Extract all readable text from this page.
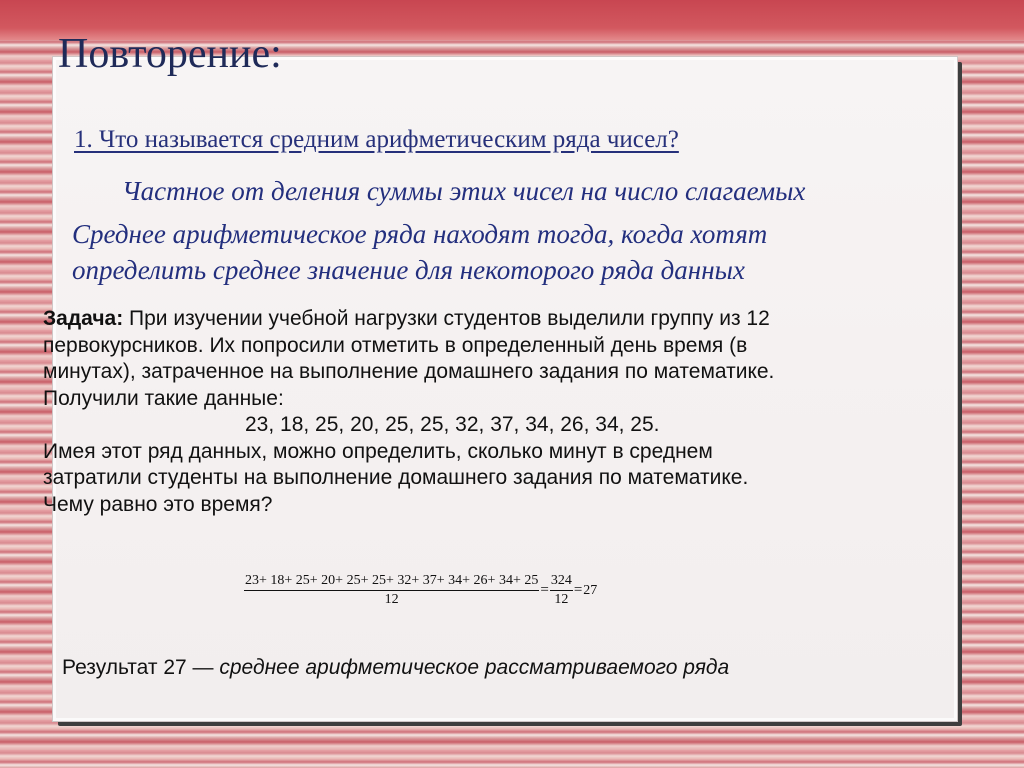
Повторение:

1. Что называется средним арифметическим ряда чисел?

Частное от деления суммы этих чисел на число слагаемых

Среднее арифметическое ряда находят тогда, когда хотят
определить среднее значение для некоторого ряда данных

Задача: При изучении учебной нагрузки студентов выделили группу из 12
первокурсников. Их попросили отметить в определенный день время (в
минутах), затраченное на выполнение домашнего задания по математике.
Получили такие данные:
23, 18, 25, 20, 25, 25, 32, 37, 34, 26, 34, 25.
Имея этот ряд данных, можно определить, сколько минут в среднем
затратили студенты на выполнение домашнего задания по математике.
Чему равно это время?
$\frac{23+ 18+ 25+ 20+ 25+ 25+ 32+ 37+ 34+ 26+ 34+ 25}{12} = \frac{324}{12} = 27$
Результат 27 — среднее арифметическое рассматриваемого ряда
